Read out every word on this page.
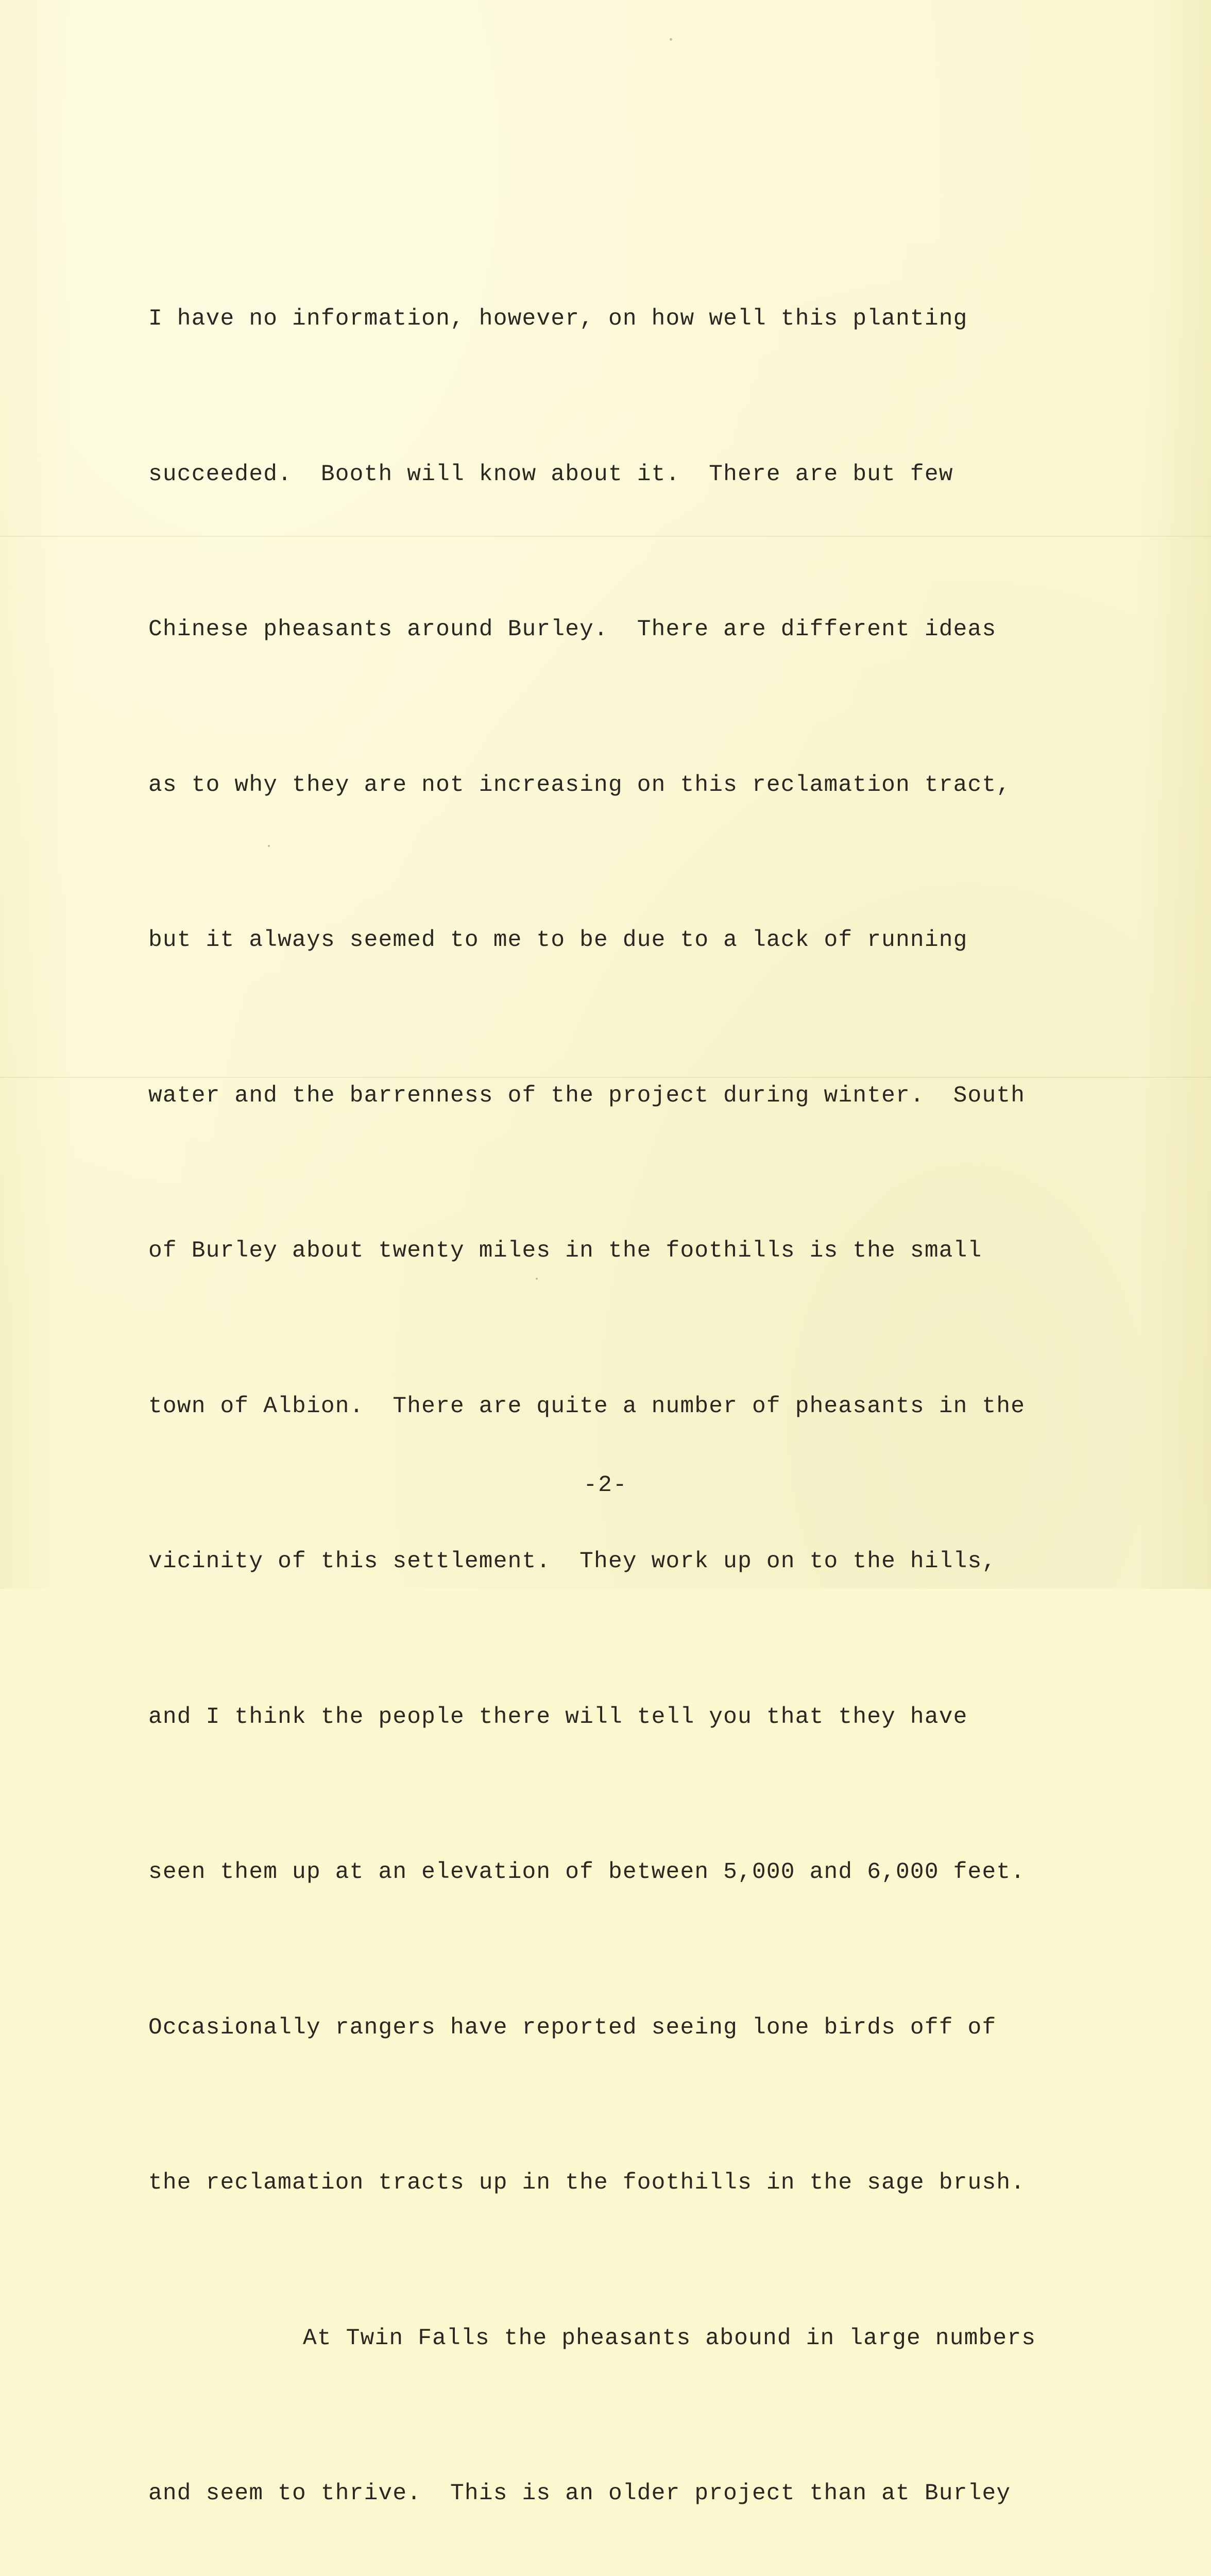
I have no information, however, on how well this planting

succeeded.  Booth will know about it.  There are but few

Chinese pheasants around Burley.  There are different ideas

as to why they are not increasing on this reclamation tract,

but it always seemed to me to be due to a lack of running

water and the barrenness of the project during winter.  South

of Burley about twenty miles in the foothills is the small

town of Albion.  There are quite a number of pheasants in the

vicinity of this settlement.  They work up on to the hills,

and I think the people there will tell you that they have

seen them up at an elevation of between 5,000 and 6,000 feet.

Occasionally rangers have reported seeing lone birds off of

the reclamation tracts up in the foothills in the sage brush.

At Twin Falls the pheasants abound in large numbers

and seem to thrive.  This is an older project than at Burley

-2-
